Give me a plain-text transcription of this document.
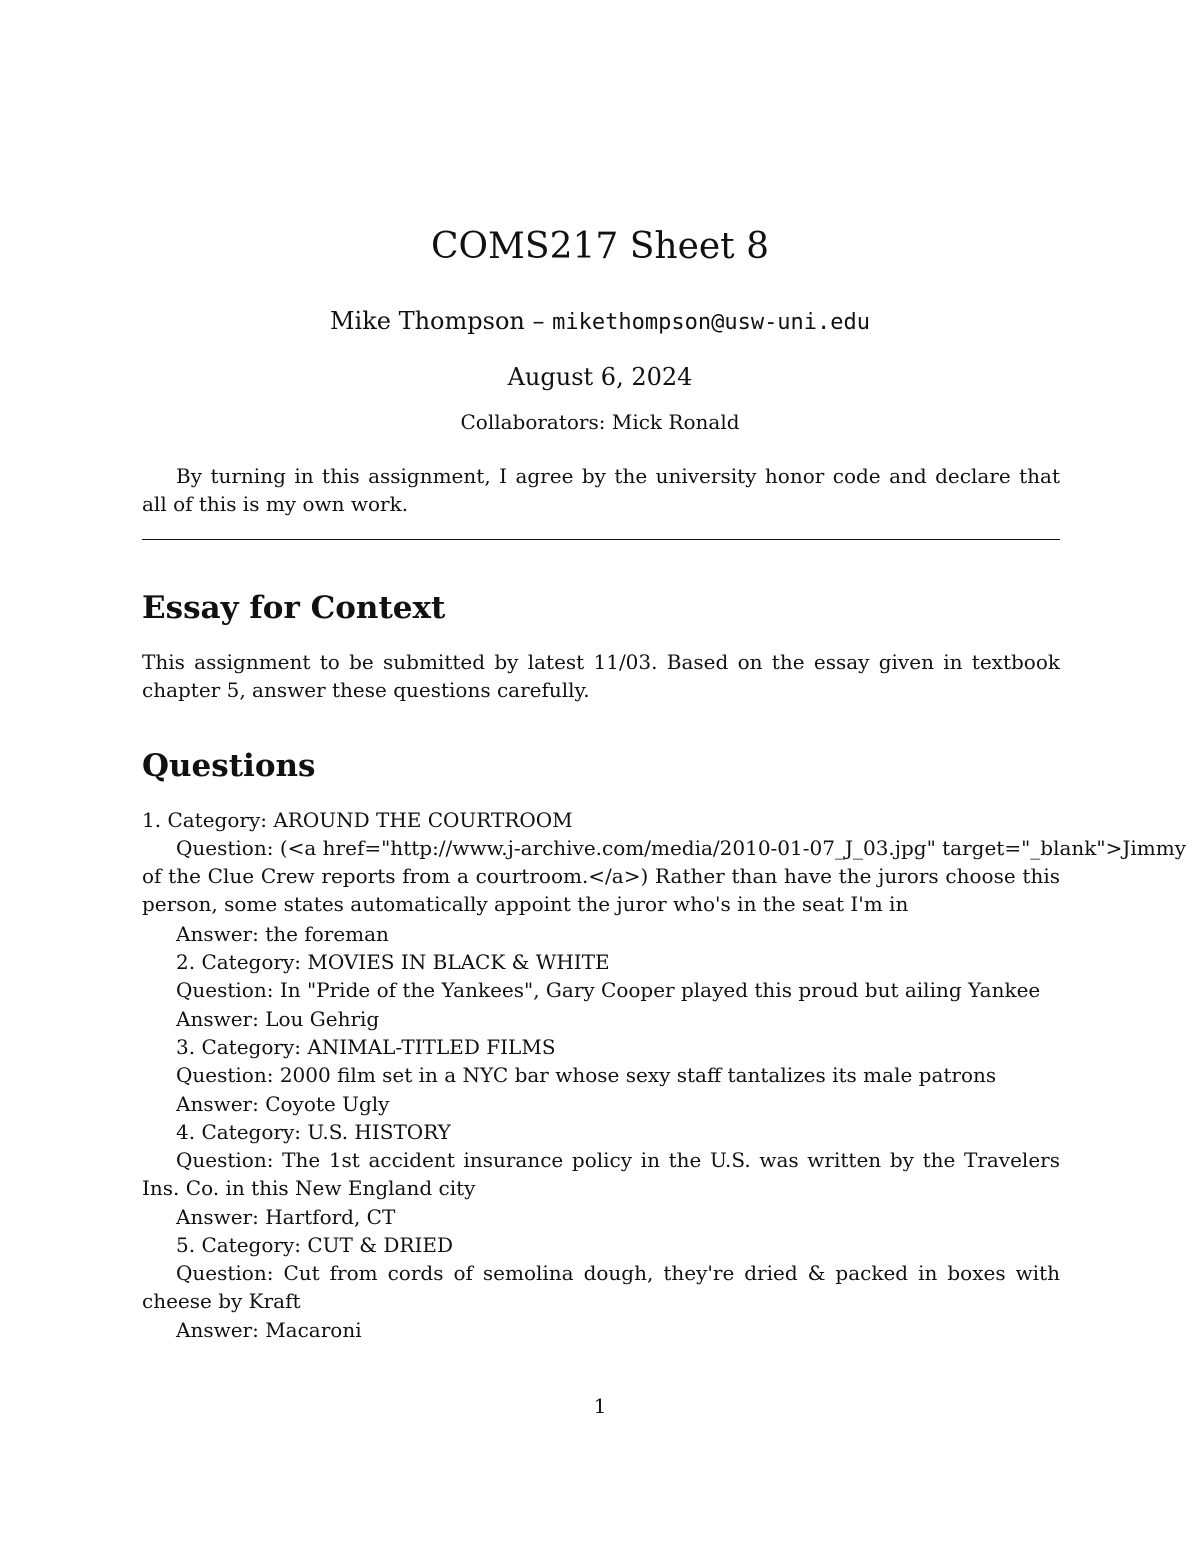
COMS217 Sheet 8
Mike Thompson – mikethompson@usw-uni.edu
August 6, 2024
Collaborators: Mick Ronald
By turning in this assignment, I agree by the university honor code and declare that all of this is my own work.
Essay for Context
This assignment to be submitted by latest 11/03. Based on the essay given in textbook chapter 5, answer these questions carefully.
Questions
1. Category: AROUND THE COURTROOM
Question: (<a href="http://www.j-archive.com/media/2010-01-07_J_03.jpg" target="_blank">Jimmy
of the Clue Crew reports from a courtroom.</a>) Rather than have the jurors choose this person, some states automatically appoint the juror who's in the seat I'm in
Answer: the foreman
2. Category: MOVIES IN BLACK & WHITE
Question: In "Pride of the Yankees", Gary Cooper played this proud but ailing Yankee
Answer: Lou Gehrig
3. Category: ANIMAL-TITLED FILMS
Question: 2000 film set in a NYC bar whose sexy staff tantalizes its male patrons
Answer: Coyote Ugly
4. Category: U.S. HISTORY
Question: The 1st accident insurance policy in the U.S. was written by the Travelers Ins. Co. in this New England city
Answer: Hartford, CT
5. Category: CUT & DRIED
Question: Cut from cords of semolina dough, they're dried & packed in boxes with cheese by Kraft
Answer: Macaroni
1
